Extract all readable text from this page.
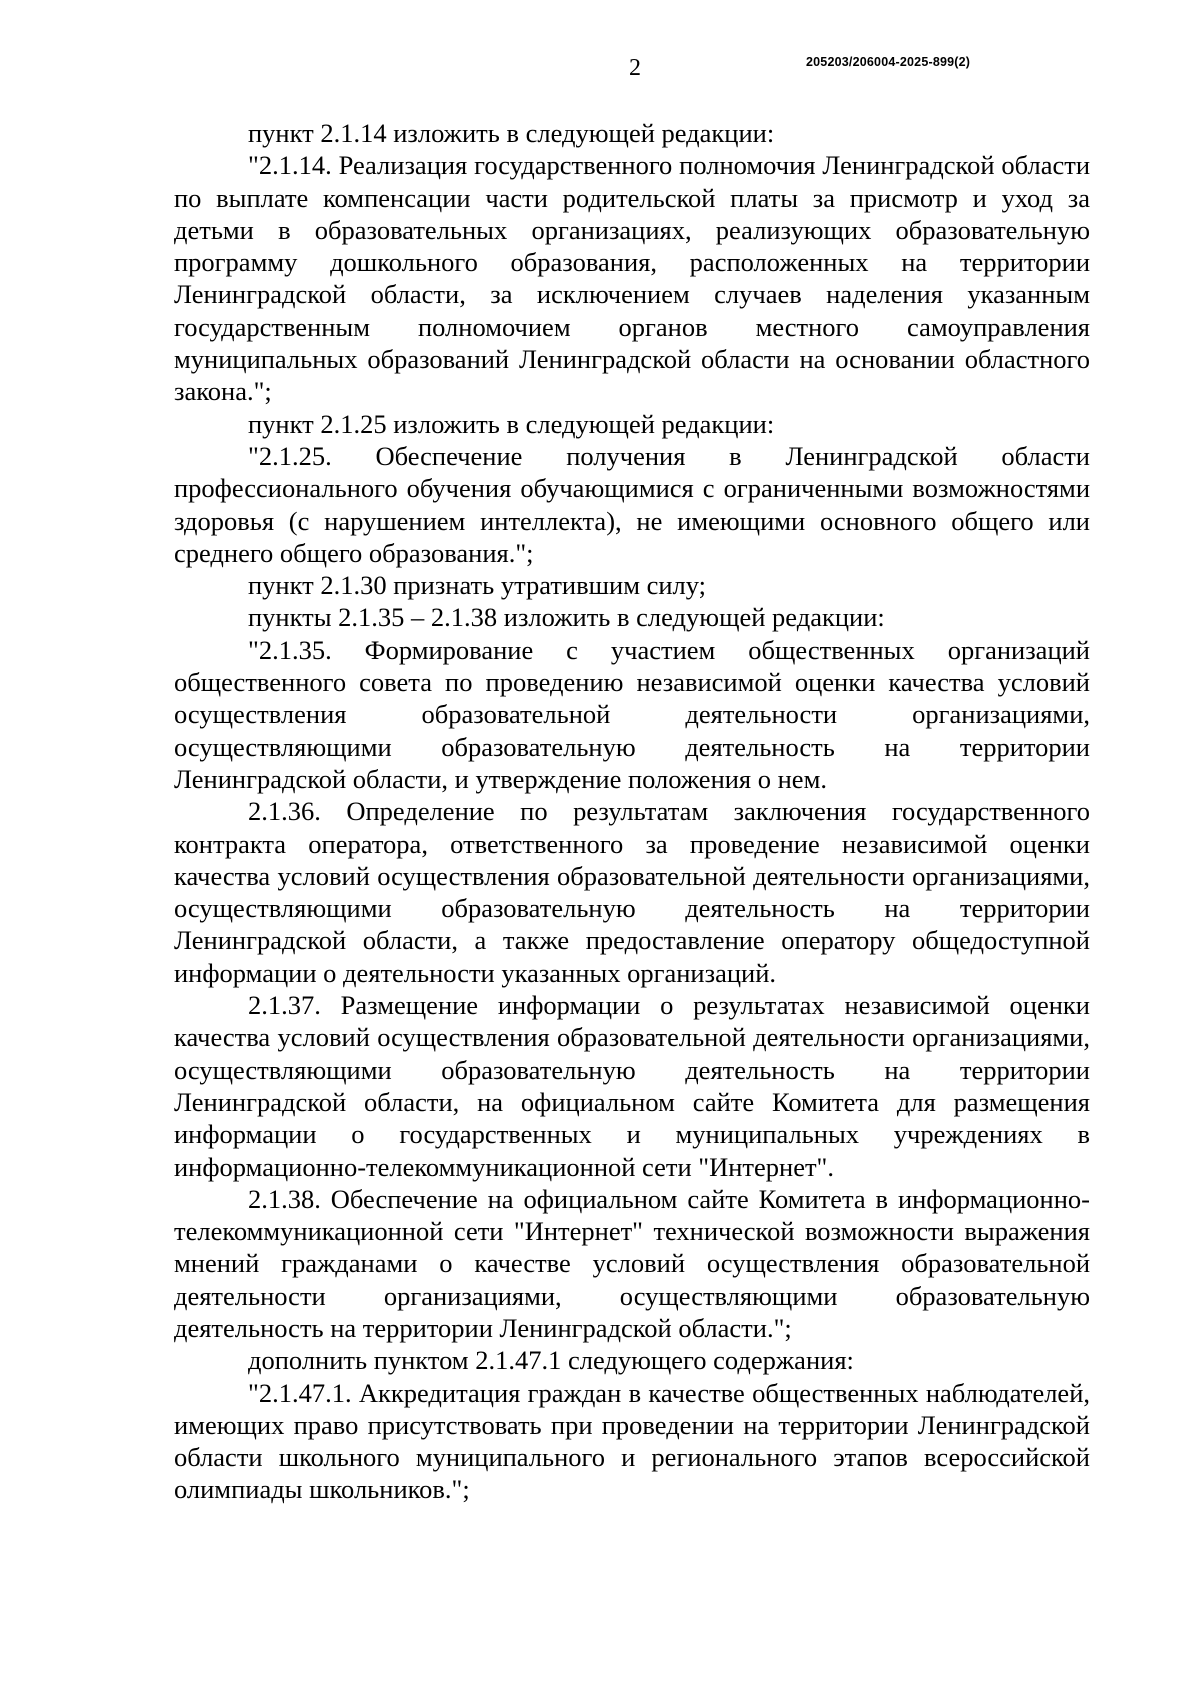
2	205203/206004-2025-899(2)

пункт 2.1.14 изложить в следующей редакции:

"2.1.14. Реализация государственного полномочия Ленинградской области по выплате компенсации части родительской платы за присмотр и уход за детьми в образовательных организациях, реализующих образовательную программу дошкольного образования, расположенных на территории Ленинградской области, за исключением случаев наделения указанным государственным полномочием органов местного самоуправления муниципальных образований Ленинградской области на основании областного закона.";

пункт 2.1.25 изложить в следующей редакции:

"2.1.25. Обеспечение получения в Ленинградской области профессионального обучения обучающимися с ограниченными возможностями здоровья (с нарушением интеллекта), не имеющими основного общего или среднего общего образования.";

пункт 2.1.30 признать утратившим силу;

пункты 2.1.35 – 2.1.38 изложить в следующей редакции:

"2.1.35. Формирование с участием общественных организаций общественного совета по проведению независимой оценки качества условий осуществления образовательной деятельности организациями, осуществляющими образовательную деятельность на территории Ленинградской области, и утверждение положения о нем.

2.1.36. Определение по результатам заключения государственного контракта оператора, ответственного за проведение независимой оценки качества условий осуществления образовательной деятельности организациями, осуществляющими образовательную деятельность на территории Ленинградской области, а также предоставление оператору общедоступной информации о деятельности указанных организаций.

2.1.37. Размещение информации о результатах независимой оценки качества условий осуществления образовательной деятельности организациями, осуществляющими образовательную деятельность на территории Ленинградской области, на официальном сайте Комитета для размещения информации о государственных и муниципальных учреждениях в информационно-телекоммуникационной сети "Интернет".

2.1.38. Обеспечение на официальном сайте Комитета в информационно-телекоммуникационной сети "Интернет" технической возможности выражения мнений гражданами о качестве условий осуществления образовательной деятельности организациями, осуществляющими образовательную деятельность на территории Ленинградской области.";

дополнить пунктом 2.1.47.1 следующего содержания:

"2.1.47.1. Аккредитация граждан в качестве общественных наблюдателей, имеющих право присутствовать при проведении на территории Ленинградской области школьного муниципального и регионального этапов всероссийской олимпиады школьников.";
